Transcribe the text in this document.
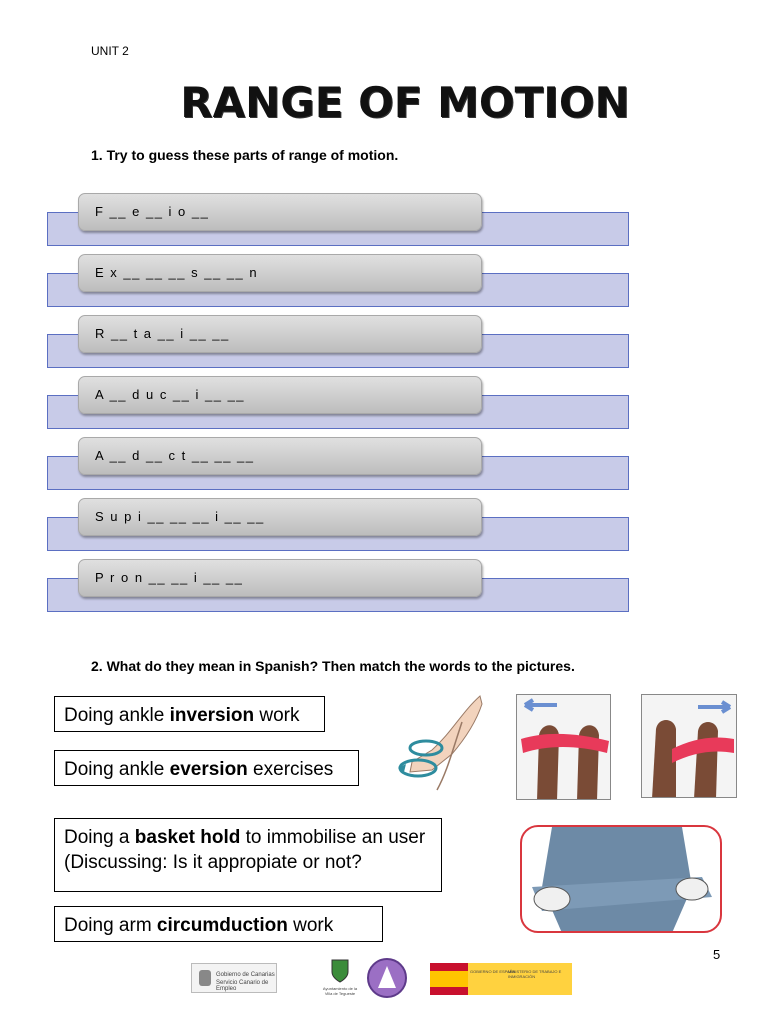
UNIT 2
RANGE OF MOTION
1. Try to guess these parts of range of motion.
F __ e __ i o __
E x __ __ __ s __ __ n
R __ t a __ i __ __
A __ d u c __ i __ __
A __ d __ c t __ __ __
S u p i __ __ __ i __ __
P r o n __ __ i __ __
2. What do they mean in Spanish? Then match the words to the pictures.
Doing ankle inversion work
Doing ankle eversion exercises
Doing a basket hold to immobilise an user (Discussing: Is it appropiate or not?
Doing arm circumduction work
5
Gobierno de Canarias
Servicio Canario de Empleo	Ayuntamiento de la Villa de Tegueste
GOBIERNO DE ESPAÑA
MINISTERIO DE TRABAJO E INMIGRACIÓN
